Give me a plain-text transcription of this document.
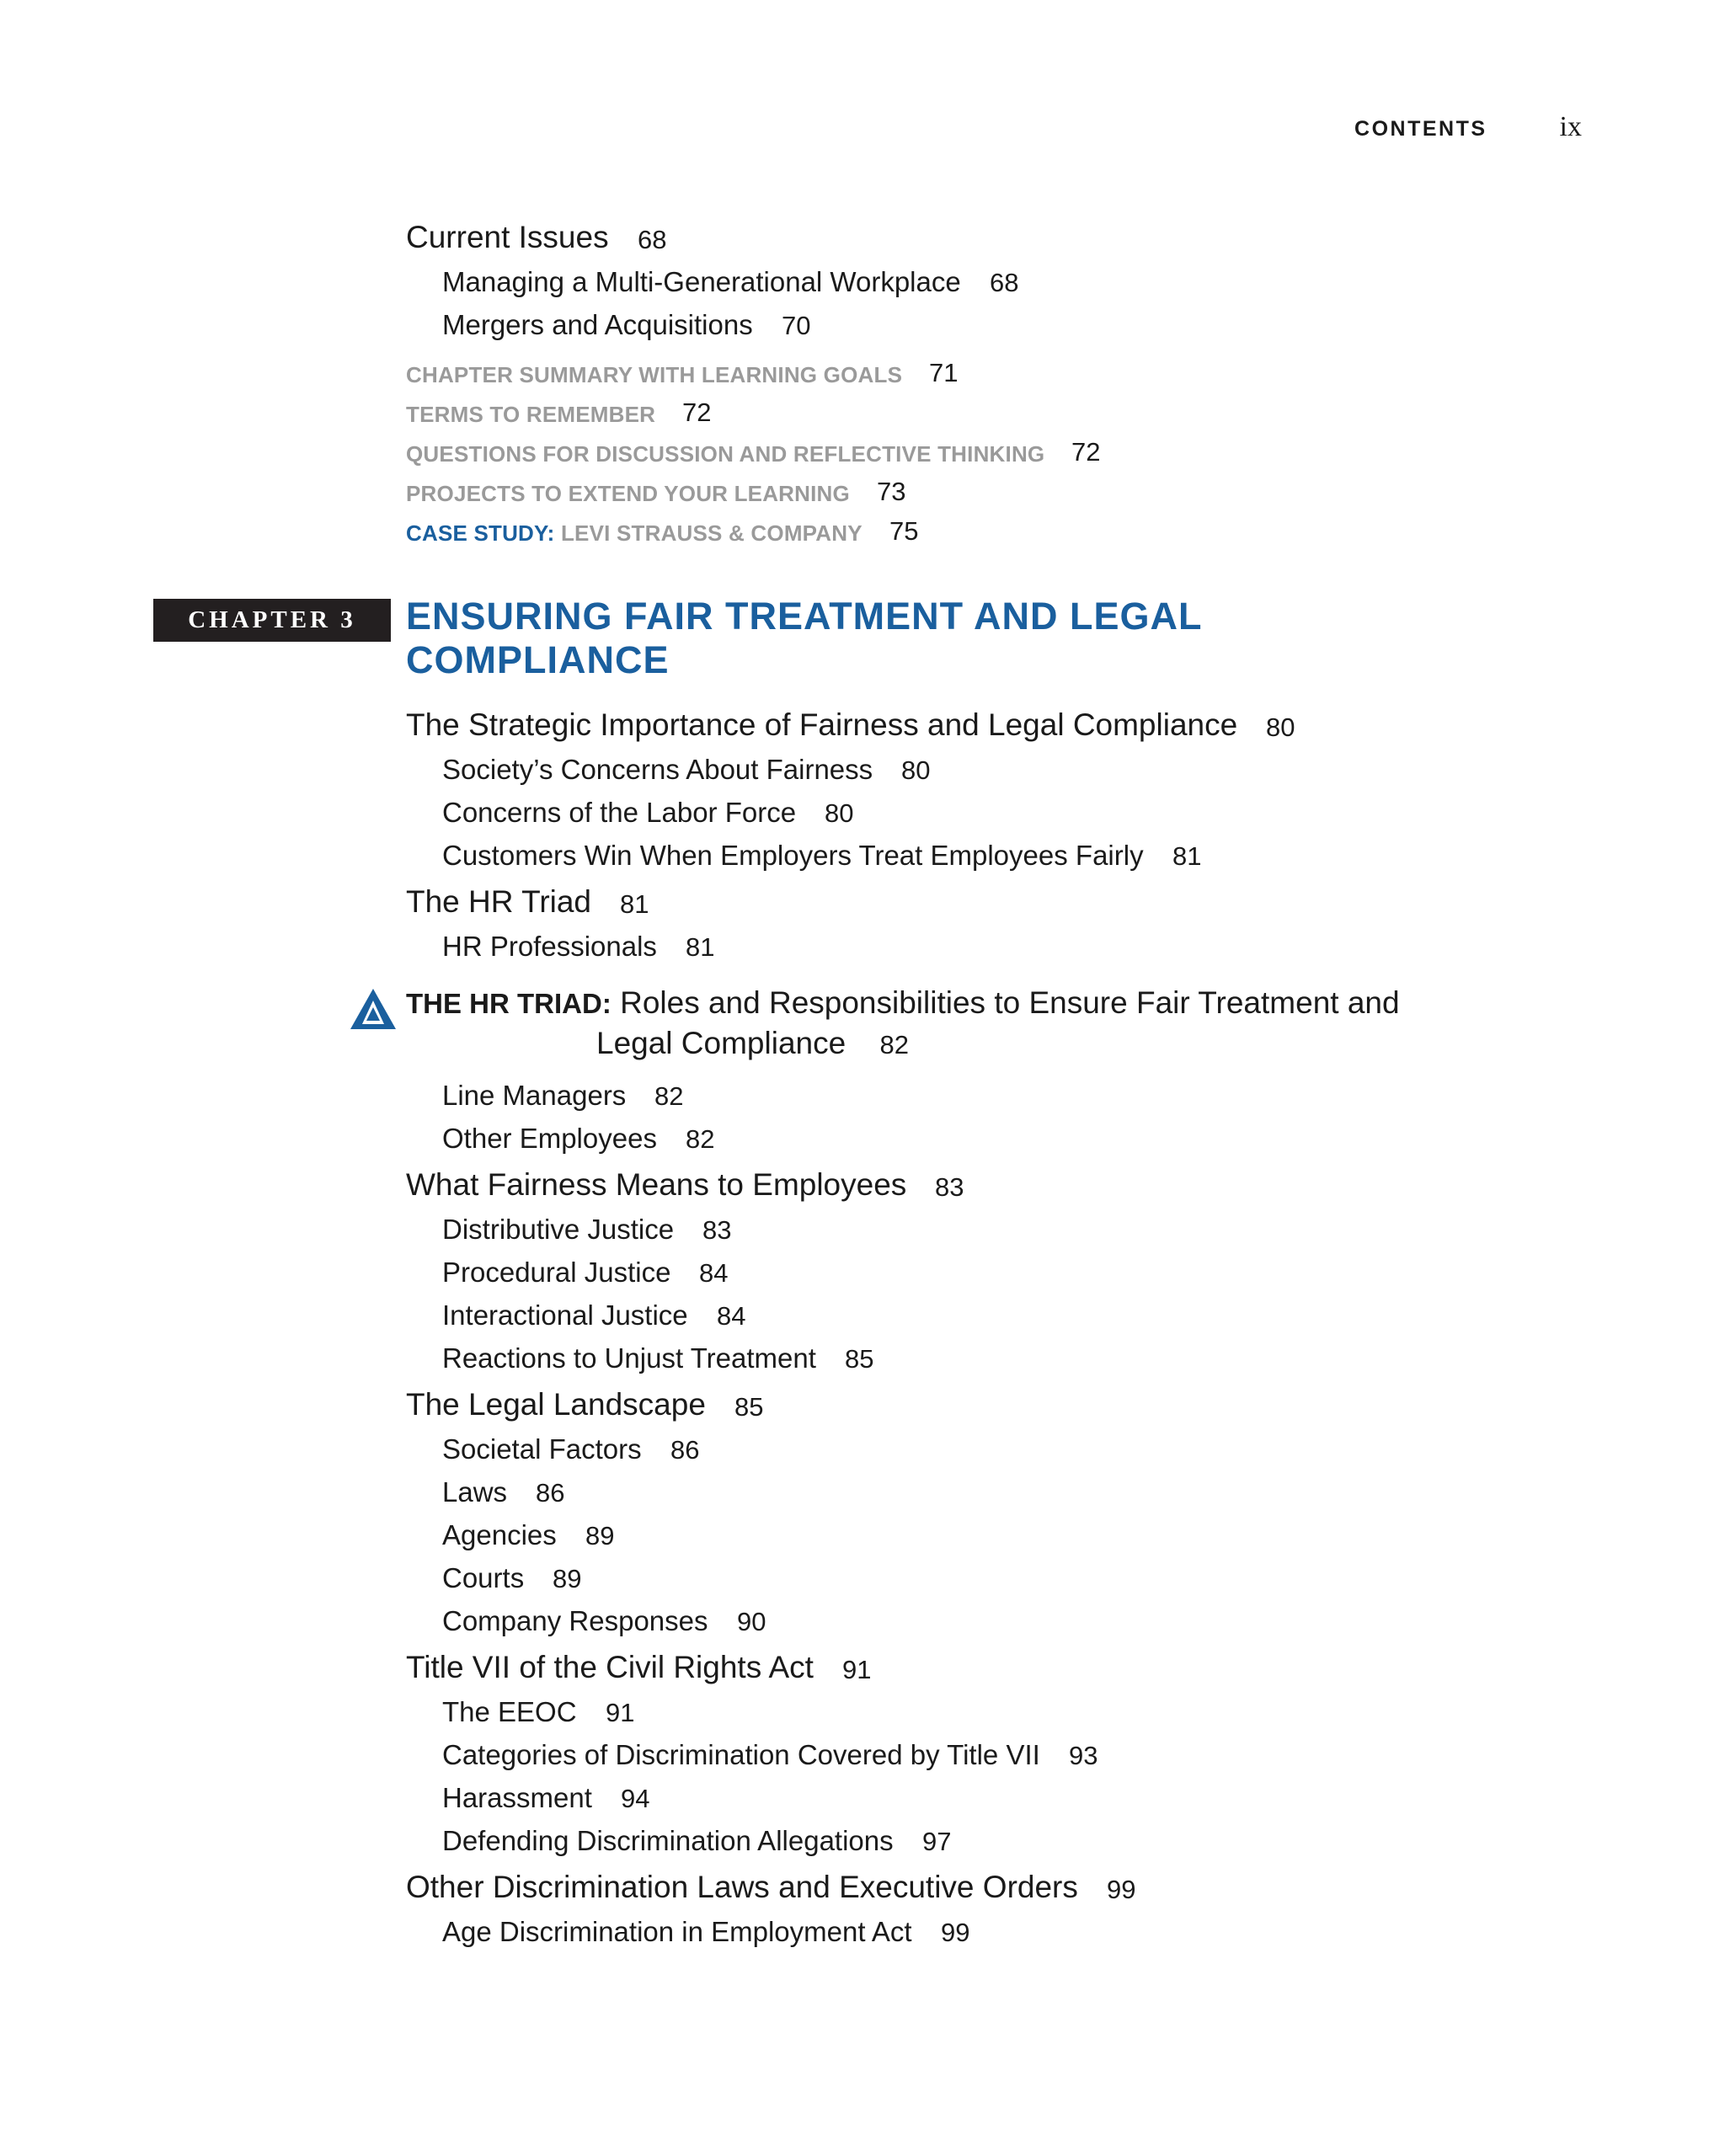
CONTENTS	ix
Current Issues 68
Managing a Multi-Generational Workplace 68
Mergers and Acquisitions 70
CHAPTER SUMMARY WITH LEARNING GOALS 71
TERMS TO REMEMBER 72
QUESTIONS FOR DISCUSSION AND REFLECTIVE THINKING 72
PROJECTS TO EXTEND YOUR LEARNING 73
CASE STUDY: LEVI STRAUSS & COMPANY 75
CHAPTER 3	ENSURING FAIR TREATMENT AND LEGAL COMPLIANCE
The Strategic Importance of Fairness and Legal Compliance 80
Society’s Concerns About Fairness 80
Concerns of the Labor Force 80
Customers Win When Employers Treat Employees Fairly 81
The HR Triad 81
HR Professionals 81
THE HR TRIAD: Roles and Responsibilities to Ensure Fair Treatment and
Legal Compliance 82
Line Managers 82
Other Employees 82
What Fairness Means to Employees 83
Distributive Justice 83
Procedural Justice 84
Interactional Justice 84
Reactions to Unjust Treatment 85
The Legal Landscape 85
Societal Factors 86
Laws 86
Agencies 89
Courts 89
Company Responses 90
Title VII of the Civil Rights Act 91
The EEOC 91
Categories of Discrimination Covered by Title VII 93
Harassment 94
Defending Discrimination Allegations 97
Other Discrimination Laws and Executive Orders 99
Age Discrimination in Employment Act 99
